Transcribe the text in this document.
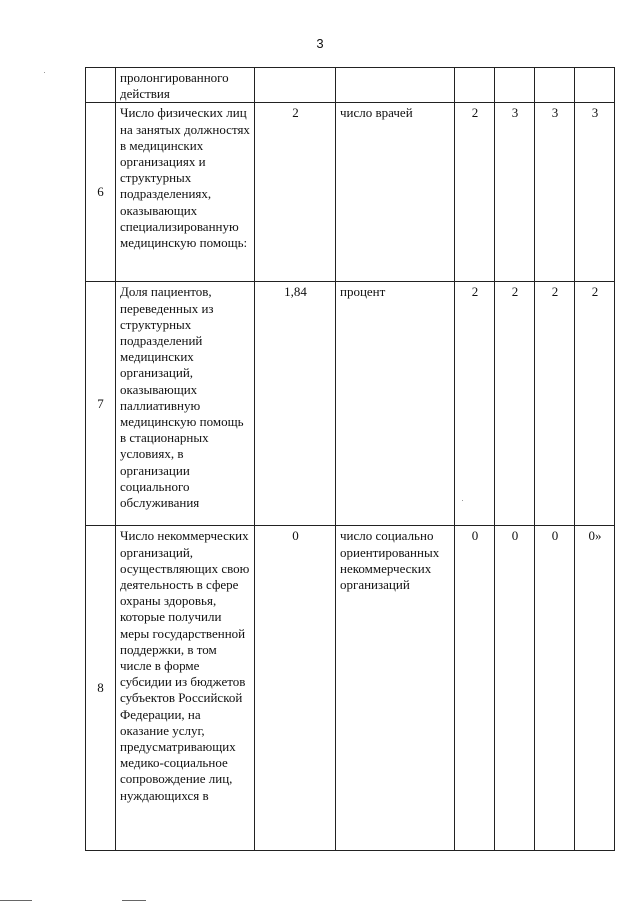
3
	пролонгированного действия						
6	Число физических лиц на занятых должностях в медицинских организациях и структурных подразделениях, оказывающих специализированную медицинскую помощь:	2	число врачей	2	3	3	3
7	Доля пациентов, переведенных из структурных подразделений медицинских организаций, оказывающих паллиативную медицинскую помощь в стационарных условиях, в организации социального обслуживания	1,84	процент	2	2	2	2
8	Число некоммерческих организаций, осуществляющих свою деятельность в сфере охраны здоровья, которые получили меры государственной поддержки, в том числе в форме субсидии из бюджетов субъектов Российской Федерации, на оказание услуг, предусматривающих медико-социальное сопровождение лиц, нуждающихся в	0	число социально ориентированных некоммерческих организаций	0	0	0	0»
